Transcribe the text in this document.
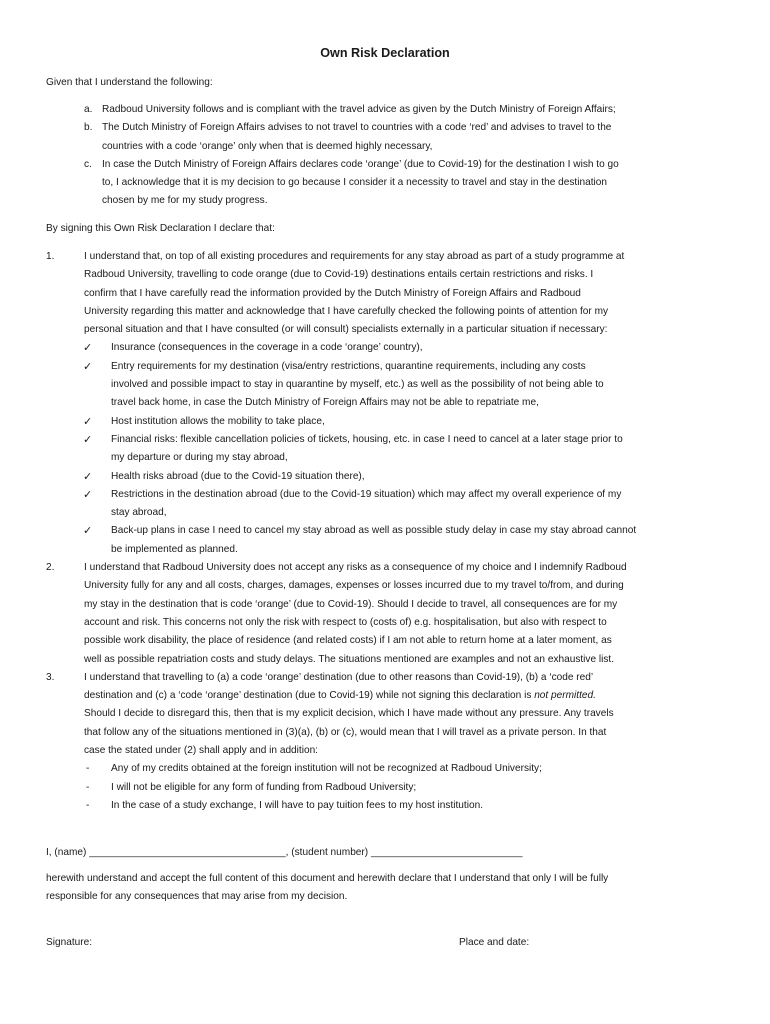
Own Risk Declaration
Given that I understand the following:
a. Radboud University follows and is compliant with the travel advice as given by the Dutch Ministry of Foreign Affairs;
b. The Dutch Ministry of Foreign Affairs advises to not travel to countries with a code ‘red’ and advises to travel to the
countries with a code ‘orange’ only when that is deemed highly necessary,
c. In case the Dutch Ministry of Foreign Affairs declares code ‘orange’ (due to Covid-19) for the destination I wish to go
to, I acknowledge that it is my decision to go because I consider it a necessity to travel and stay in the destination
chosen by me for my study progress.
By signing this Own Risk Declaration I declare that:
1.	I understand that, on top of all existing procedures and requirements for any stay abroad as part of a study programme at
Radboud University, travelling to code orange (due to Covid-19) destinations entails certain restrictions and risks. I
confirm that I have carefully read the information provided by the Dutch Ministry of Foreign Affairs and Radboud
University regarding this matter and acknowledge that I have carefully checked the following points of attention for my
personal situation and that I have consulted (or will consult) specialists externally in a particular situation if necessary:
✓ Insurance (consequences in the coverage in a code ‘orange’ country),
✓ Entry requirements for my destination (visa/entry restrictions, quarantine requirements, including any costs
involved and possible impact to stay in quarantine by myself, etc.) as well as the possibility of not being able to
travel back home, in case the Dutch Ministry of Foreign Affairs may not be able to repatriate me,
✓ Host institution allows the mobility to take place,
✓ Financial risks: flexible cancellation policies of tickets, housing, etc. in case I need to cancel at a later stage prior to
my departure or during my stay abroad,
✓ Health risks abroad (due to the Covid-19 situation there),
✓ Restrictions in the destination abroad (due to the Covid-19 situation) which may affect my overall experience of my
stay abroad,
✓ Back-up plans in case I need to cancel my stay abroad as well as possible study delay in case my stay abroad cannot
be implemented as planned.
2.	I understand that Radboud University does not accept any risks as a consequence of my choice and I indemnify Radboud
University fully for any and all costs, charges, damages, expenses or losses incurred due to my travel to/from, and during
my stay in the destination that is code ‘orange’ (due to Covid-19). Should I decide to travel, all consequences are for my
account and risk. This concerns not only the risk with respect to (costs of) e.g. hospitalisation, but also with respect to
possible work disability, the place of residence (and related costs) if I am not able to return home at a later moment, as
well as possible repatriation costs and study delays. The situations mentioned are examples and not an exhaustive list.
3.	I understand that travelling to (a) a code ‘orange’ destination (due to other reasons than Covid-19), (b) a ‘code red’
destination and (c) a ‘code ‘orange’ destination (due to Covid-19) while not signing this declaration is not permitted.
Should I decide to disregard this, then that is my explicit decision, which I have made without any pressure. Any travels
that follow any of the situations mentioned in (3)(a), (b) or (c), would mean that I will travel as a private person. In that
case the stated under (2) shall apply and in addition:
- Any of my credits obtained at the foreign institution will not be recognized at Radboud University;
- I will not be eligible for any form of funding from Radboud University;
- In the case of a study exchange, I will have to pay tuition fees to my host institution.
I, (name) ___________________________________, (student number) ___________________________
herewith understand and accept the full content of this document and herewith declare that I understand that only I will be fully
responsible for any consequences that may arise from my decision.
Signature:	Place and date:
